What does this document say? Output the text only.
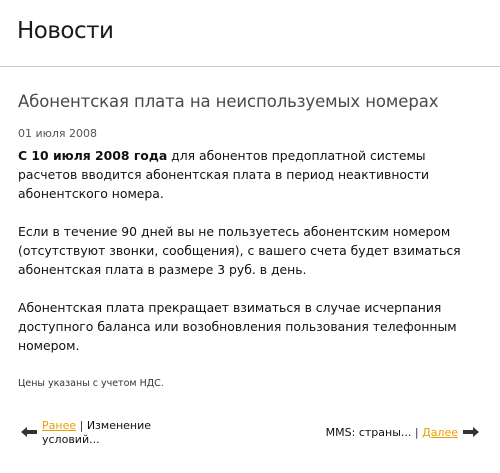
Новости
Абонентская плата на неиспользуемых номерах
01 июля 2008

С 10 июля 2008 года для абонентов предоплатной системы расчетов вводится абонентская плата в период неактивности абонентского номера.

Если в течение 90 дней вы не пользуетесь абонентским номером (отсутствуют звонки, сообщения), с вашего счета будет взиматься абонентская плата в размере 3 руб. в день.

Абонентская плата прекращает взиматься в случае исчерпания доступного баланса или возобновления пользования телефонным номером.

Цены указаны с учетом НДС.
Ранее | Изменение условий...
MMS: страны... | Далее
